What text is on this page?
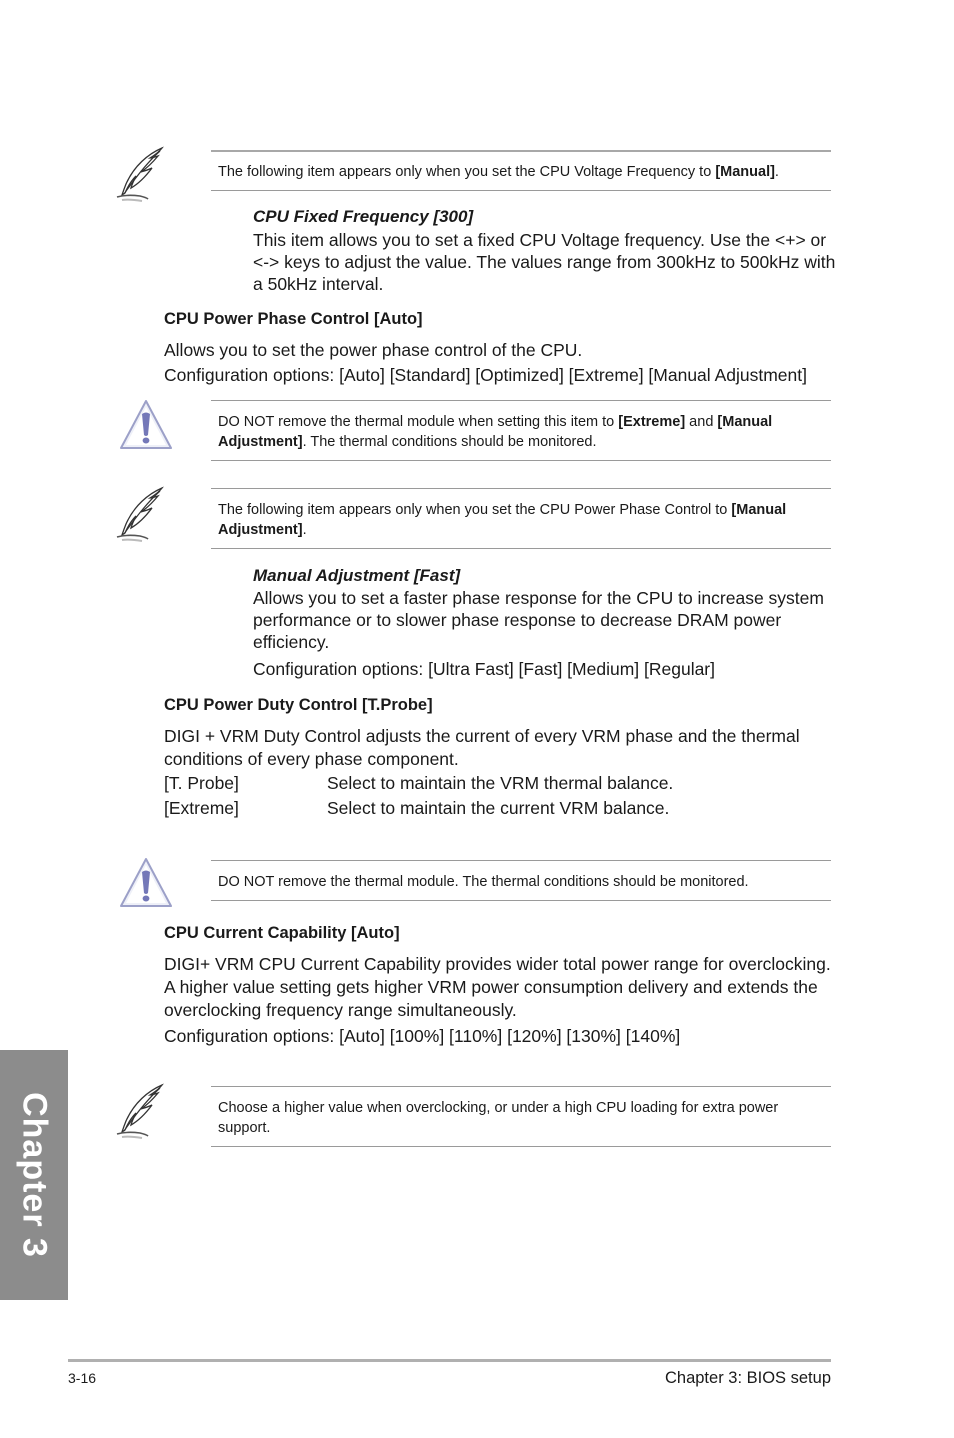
The following item appears only when you set the CPU Voltage Frequency to [Manual].
CPU Fixed Frequency [300]
This item allows you to set a fixed CPU Voltage frequency. Use the <+> or
<-> keys to adjust the value. The values range from 300kHz to 500kHz with
a 50kHz interval.
CPU Power Phase Control [Auto]
Allows you to set the power phase control of the CPU.
Configuration options: [Auto] [Standard] [Optimized] [Extreme] [Manual Adjustment]
DO NOT remove the thermal module when setting this item to [Extreme] and [Manual
Adjustment]. The thermal conditions should be monitored.
The following item appears only when you set the CPU Power Phase Control to [Manual
Adjustment].
Manual Adjustment [Fast]
Allows you to set a faster phase response for the CPU to increase system
performance or to slower phase response to decrease DRAM power
efficiency.
Configuration options: [Ultra Fast] [Fast] [Medium] [Regular]
CPU Power Duty Control [T.Probe]
DIGI + VRM Duty Control adjusts the current of every VRM phase and the thermal
conditions of every phase component.
[T. Probe]	Select to maintain the VRM thermal balance.
[Extreme]	Select to maintain the current VRM balance.
DO NOT remove the thermal module. The thermal conditions should be monitored.
CPU Current Capability [Auto]
DIGI+ VRM CPU Current Capability provides wider total power range for overclocking.
A higher value setting gets higher VRM power consumption delivery and extends the
overclocking frequency range simultaneously.
Configuration options: [Auto] [100%] [110%] [120%] [130%] [140%]
Choose a higher value when overclocking, or under a high CPU loading for extra power
support.
Chapter 3
3-16	Chapter 3: BIOS setup
